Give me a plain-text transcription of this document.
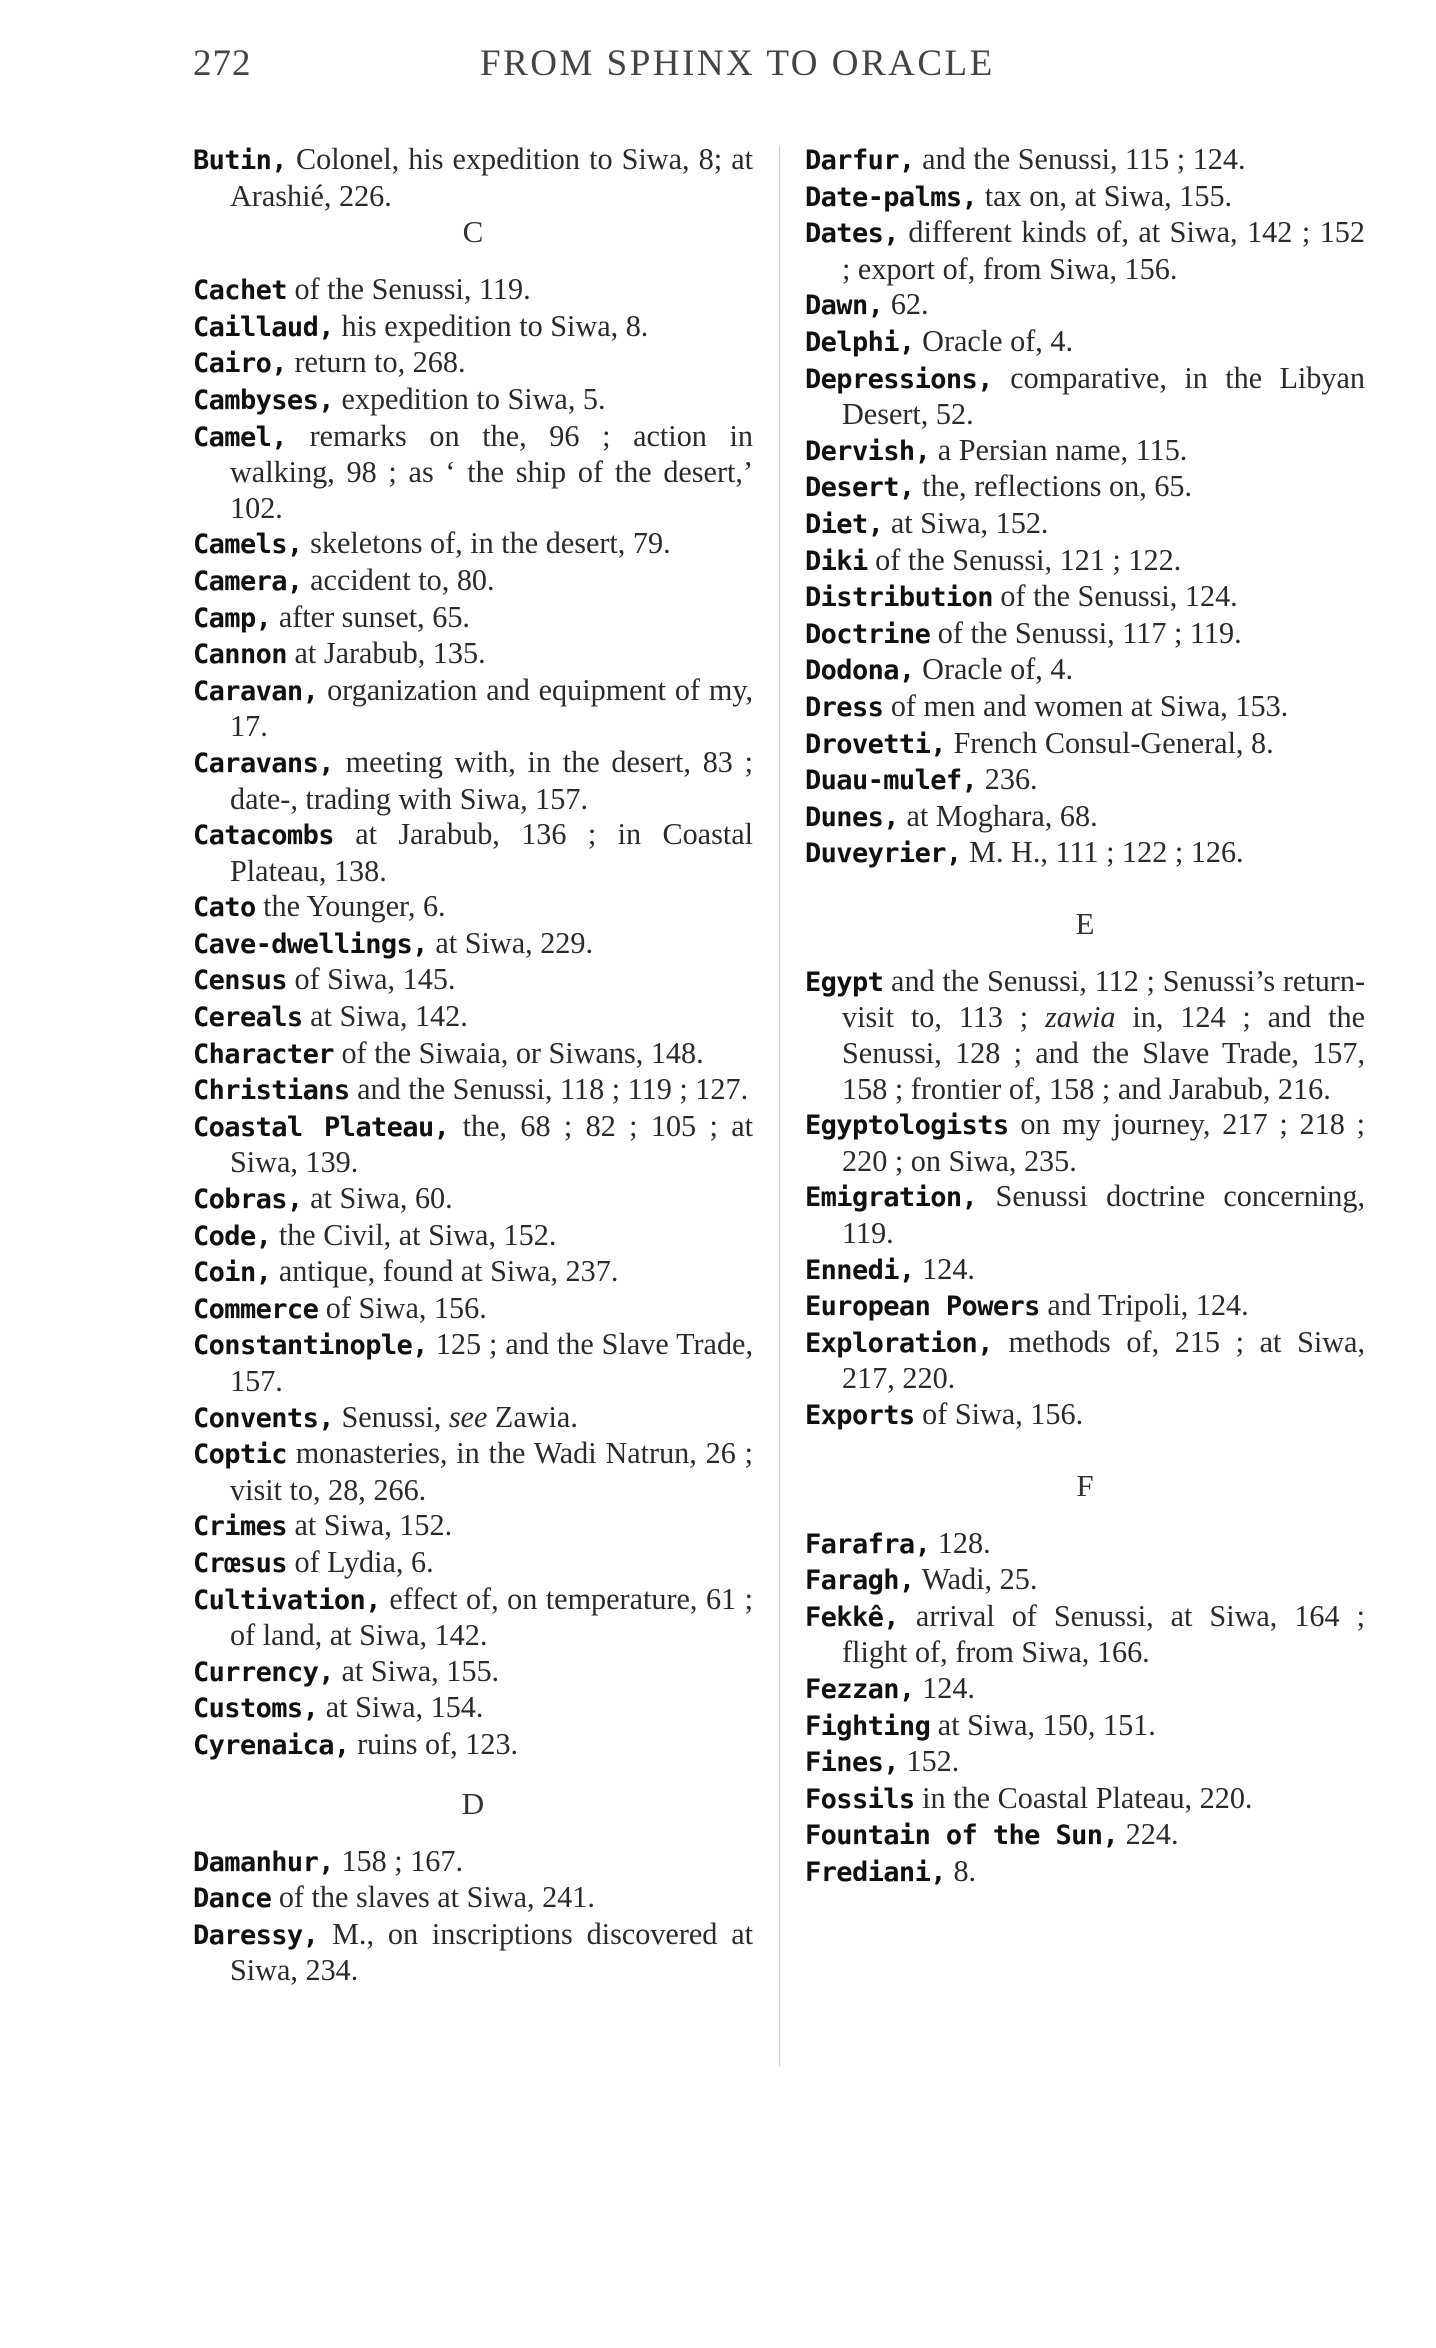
272	FROM SPHINX TO ORACLE
Butin, Colonel, his expedition to Siwa, 8; at Arashié, 226.
C
Cachet of the Senussi, 119.
Caillaud, his expedition to Siwa, 8.
Cairo, return to, 268.
Cambyses, expedition to Siwa, 5.
Camel, remarks on the, 96 ; action in walking, 98 ; as ‘ the ship of the desert,’ 102.
Camels, skeletons of, in the desert, 79.
Camera, accident to, 80.
Camp, after sunset, 65.
Cannon at Jarabub, 135.
Caravan, organization and equipment of my, 17.
Caravans, meeting with, in the desert, 83 ; date-, trading with Siwa, 157.
Catacombs at Jarabub, 136 ; in Coastal Plateau, 138.
Cato the Younger, 6.
Cave-dwellings, at Siwa, 229.
Census of Siwa, 145.
Cereals at Siwa, 142.
Character of the Siwaia, or Siwans, 148.
Christians and the Senussi, 118 ; 119 ; 127.
Coastal Plateau, the, 68 ; 82 ; 105 ; at Siwa, 139.
Cobras, at Siwa, 60.
Code, the Civil, at Siwa, 152.
Coin, antique, found at Siwa, 237.
Commerce of Siwa, 156.
Constantinople, 125 ; and the Slave Trade, 157.
Convents, Senussi, see Zawia.
Coptic monasteries, in the Wadi Natrun, 26 ; visit to, 28, 266.
Crimes at Siwa, 152.
Crœsus of Lydia, 6.
Cultivation, effect of, on temperature, 61 ; of land, at Siwa, 142.
Currency, at Siwa, 155.
Customs, at Siwa, 154.
Cyrenaica, ruins of, 123.
D
Damanhur, 158 ; 167.
Dance of the slaves at Siwa, 241.
Daressy, M., on inscriptions discovered at Siwa, 234.
Darfur, and the Senussi, 115 ; 124.
Date-palms, tax on, at Siwa, 155.
Dates, different kinds of, at Siwa, 142 ; 152 ; export of, from Siwa, 156.
Dawn, 62.
Delphi, Oracle of, 4.
Depressions, comparative, in the Libyan Desert, 52.
Dervish, a Persian name, 115.
Desert, the, reflections on, 65.
Diet, at Siwa, 152.
Diki of the Senussi, 121 ; 122.
Distribution of the Senussi, 124.
Doctrine of the Senussi, 117 ; 119.
Dodona, Oracle of, 4.
Dress of men and women at Siwa, 153.
Drovetti, French Consul-General, 8.
Duau-mulef, 236.
Dunes, at Moghara, 68.
Duveyrier, M. H., 111 ; 122 ; 126.
E
Egypt and the Senussi, 112 ; Senussi’s return-visit to, 113 ; zawia in, 124 ; and the Senussi, 128 ; and the Slave Trade, 157, 158 ; frontier of, 158 ; and Jarabub, 216.
Egyptologists on my journey, 217 ; 218 ; 220 ; on Siwa, 235.
Emigration, Senussi doctrine concerning, 119.
Ennedi, 124.
European Powers and Tripoli, 124.
Exploration, methods of, 215 ; at Siwa, 217, 220.
Exports of Siwa, 156.
F
Farafra, 128.
Faragh, Wadi, 25.
Fekkê, arrival of Senussi, at Siwa, 164 ; flight of, from Siwa, 166.
Fezzan, 124.
Fighting at Siwa, 150, 151.
Fines, 152.
Fossils in the Coastal Plateau, 220.
Fountain of the Sun, 224.
Frediani, 8.
